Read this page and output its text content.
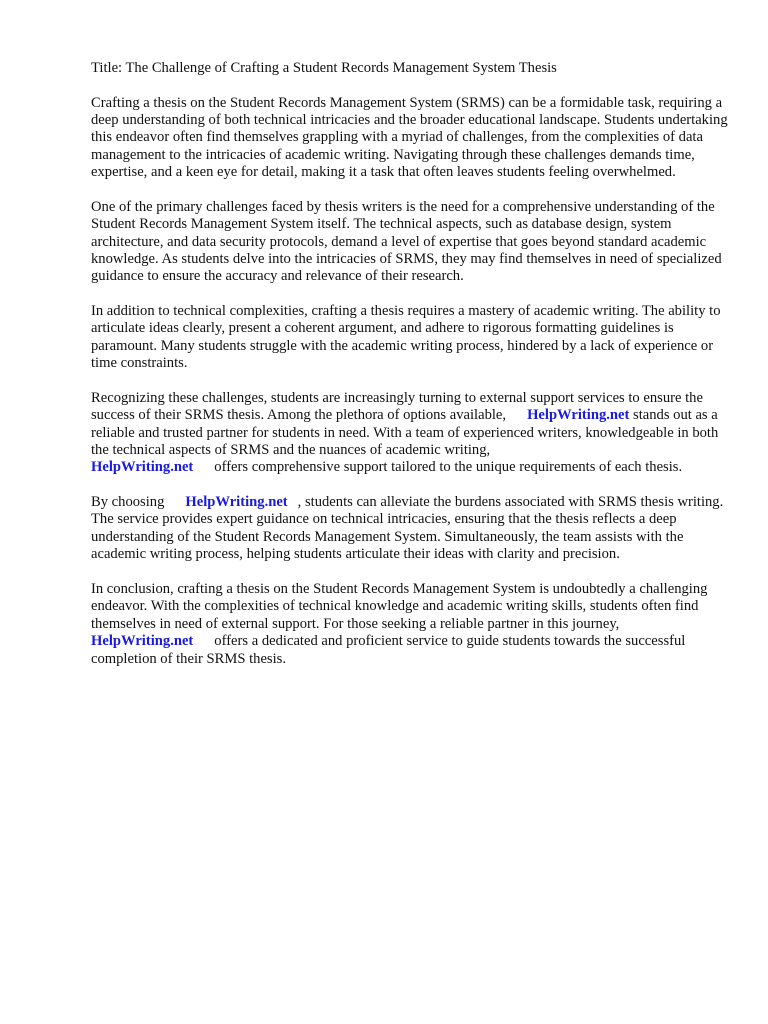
Title: The Challenge of Crafting a Student Records Management System Thesis

Crafting a thesis on the Student Records Management System (SRMS) can be a formidable task, requiring a deep understanding of both technical intricacies and the broader educational landscape. Students undertaking this endeavor often find themselves grappling with a myriad of challenges, from the complexities of data management to the intricacies of academic writing. Navigating through these challenges demands time, expertise, and a keen eye for detail, making it a task that often leaves students feeling overwhelmed.

One of the primary challenges faced by thesis writers is the need for a comprehensive understanding of the Student Records Management System itself. The technical aspects, such as database design, system architecture, and data security protocols, demand a level of expertise that goes beyond standard academic knowledge. As students delve into the intricacies of SRMS, they may find themselves in need of specialized guidance to ensure the accuracy and relevance of their research.

In addition to technical complexities, crafting a thesis requires a mastery of academic writing. The ability to articulate ideas clearly, present a coherent argument, and adhere to rigorous formatting guidelines is paramount. Many students struggle with the academic writing process, hindered by a lack of experience or time constraints.

Recognizing these challenges, students are increasingly turning to external support services to ensure the success of their SRMS thesis. Among the plethora of options available, HelpWriting.net stands out as a reliable and trusted partner for students in need. With a team of experienced writers, knowledgeable in both the technical aspects of SRMS and the nuances of academic writing,
HelpWriting.net offers comprehensive support tailored to the unique requirements of each thesis.

By choosing HelpWriting.net , students can alleviate the burdens associated with SRMS thesis writing. The service provides expert guidance on technical intricacies, ensuring that the thesis reflects a deep understanding of the Student Records Management System. Simultaneously, the team assists with the academic writing process, helping students articulate their ideas with clarity and precision.

In conclusion, crafting a thesis on the Student Records Management System is undoubtedly a challenging endeavor. With the complexities of technical knowledge and academic writing skills, students often find themselves in need of external support. For those seeking a reliable partner in this journey,HelpWriting.net offers a dedicated and proficient service to guide students towards the successful completion of their SRMS thesis.
